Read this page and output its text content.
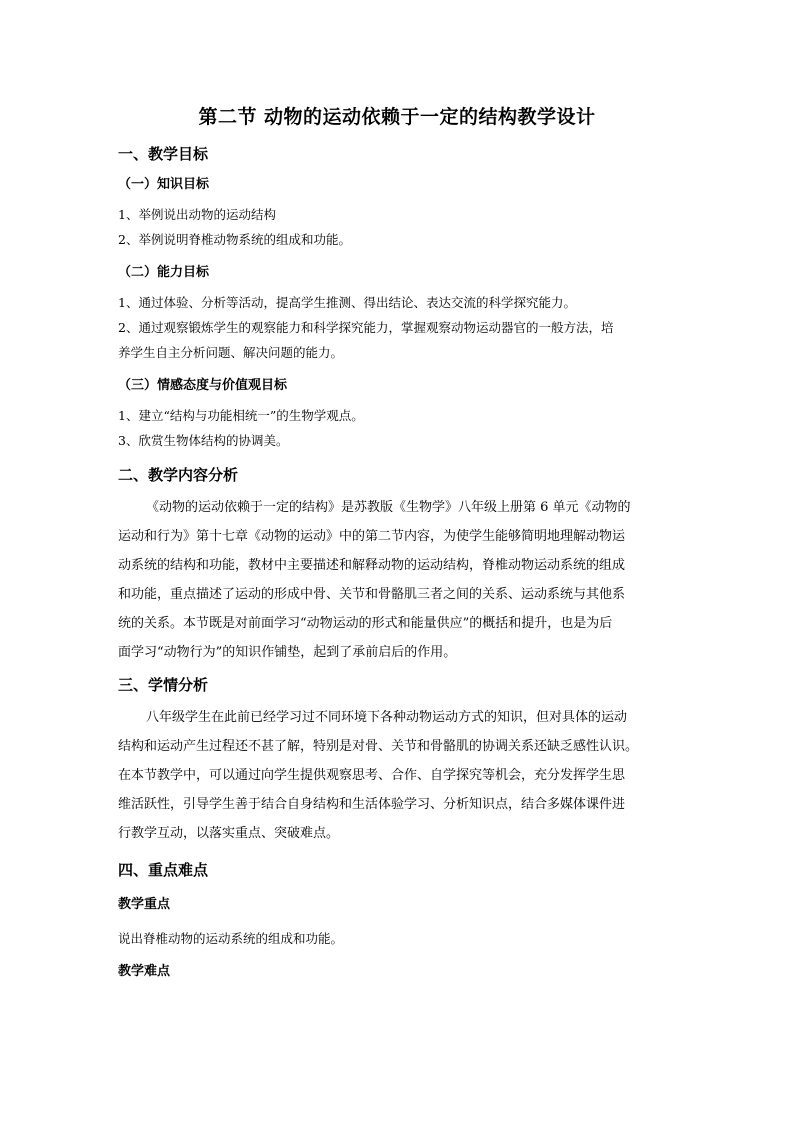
第二节 动物的运动依赖于一定的结构教学设计
一、教学目标
（一）知识目标

1、举例说出动物的运动结构

2、举例说明脊椎动物系统的组成和功能。

（二）能力目标

1、通过体验、分析等活动，提高学生推测、得出结论、表达交流的科学探究能力。

2、通过观察锻炼学生的观察能力和科学探究能力，掌握观察动物运动器官的一般方法，培

养学生自主分析问题、解决问题的能力。

（三）情感态度与价值观目标

1、建立“结构与功能相统一”的生物学观点。

3、欣赏生物体结构的协调美。

二、教学内容分析

《动物的运动依赖于一定的结构》是苏教版《生物学》八年级上册第 6 单元《动物的
运动和行为》第十七章《动物的运动》中的第二节内容，为使学生能够简明地理解动物运
动系统的结构和功能，教材中主要描述和解释动物的运动结构，脊椎动物运动系统的组成
和功能，重点描述了运动的形成中骨、关节和骨骼肌三者之间的关系、运动系统与其他系
统的关系。本节既是对前面学习“动物运动的形式和能量供应”的概括和提升，也是为后
面学习“动物行为”的知识作铺垫，起到了承前启后的作用。

三、学情分析

八年级学生在此前已经学习过不同环境下各种动物运动方式的知识，但对具体的运动
结构和运动产生过程还不甚了解，特别是对骨、关节和骨骼肌的协调关系还缺乏感性认识。
在本节教学中，可以通过向学生提供观察思考、合作、自学探究等机会，充分发挥学生思
维活跃性，引导学生善于结合自身结构和生活体验学习、分析知识点，结合多媒体课件进
行教学互动，以落实重点、突破难点。

四、重点难点
教学重点

说出脊椎动物的运动系统的组成和功能。

教学难点
